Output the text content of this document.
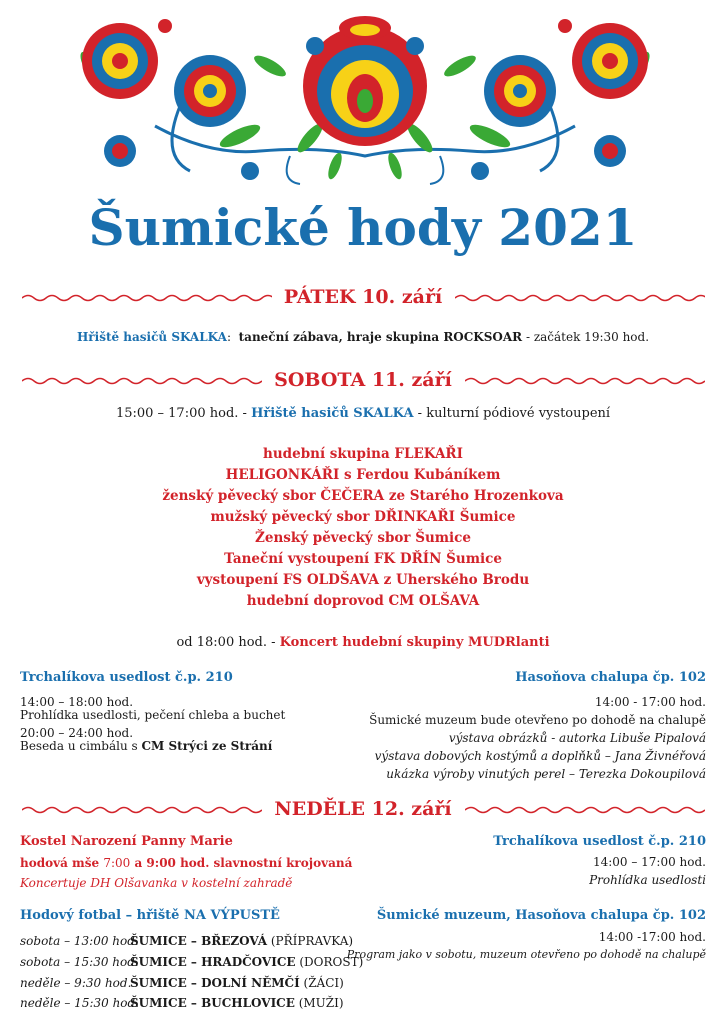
Šumické hody 2021
PÁTEK 10. září
Hřiště hasičů SKALKA: taneční zábava, hraje skupina ROCKSOAR - začátek 19:30 hod.
SOBOTA 11. září
15:00 – 17:00 hod. - Hřiště hasičů SKALKA - kulturní pódiové vystoupení
hudební skupina FLEKAŘI
HELIGONKÁŘI s Ferdou Kubáníkem
ženský pěvecký sbor ČEČERA ze Starého Hrozenkova
mužský pěvecký sbor DŘINKAŘI Šumice
Ženský pěvecký sbor Šumice
Taneční vystoupení FK DŘÍN Šumice
vystoupení FS OLDŠAVA z Uherského Brodu
hudební doprovod CM OLŠAVA
od 18:00 hod. - Koncert hudební skupiny MUDRlanti
Trchalíkova usedlost č.p. 210
14:00 – 18:00 hod.
Prohlídka usedlosti, pečení chleba a buchet
20:00 – 24:00 hod.
Beseda u cimbálu s CM Strýci ze Strání
Hasoňova chalupa čp. 102
14:00 - 17:00 hod.
Šumické muzeum bude otevřeno po dohodě na chalupě
výstava obrázků - autorka Libuše Pipalová
výstava dobových kostýmů a doplňků – Jana Živnéřová
ukázka výroby vinutých perel – Terezka Dokoupilová
NEDĚLE 12. září
Kostel Narození Panny Marie
hodová mše 7:00 a 9:00 hod. slavnostní krojovaná
Koncertuje DH Olšavanka v kostelní zahradě
Trchalíkova usedlost č.p. 210
14:00 – 17:00 hod.
Prohlídka usedlosti
Hodový fotbal – hřiště NA VÝPUSTĚ
sobota – 13:00 hod.ŠUMICE – BŘEZOVÁ (PŘÍPRAVKA)
sobota – 15:30 hod.ŠUMICE – HRADČOVICE (DOROST)
neděle – 9:30 hod.ŠUMICE – DOLNÍ NĚMČÍ (ŽÁCI)
neděle – 15:30 hod.ŠUMICE – BUCHLOVICE (MUŽI)
Šumické muzeum, Hasoňova chalupa čp. 102
14:00 -17:00 hod.
Program jako v sobotu, muzeum otevřeno po dohodě na chalupě
